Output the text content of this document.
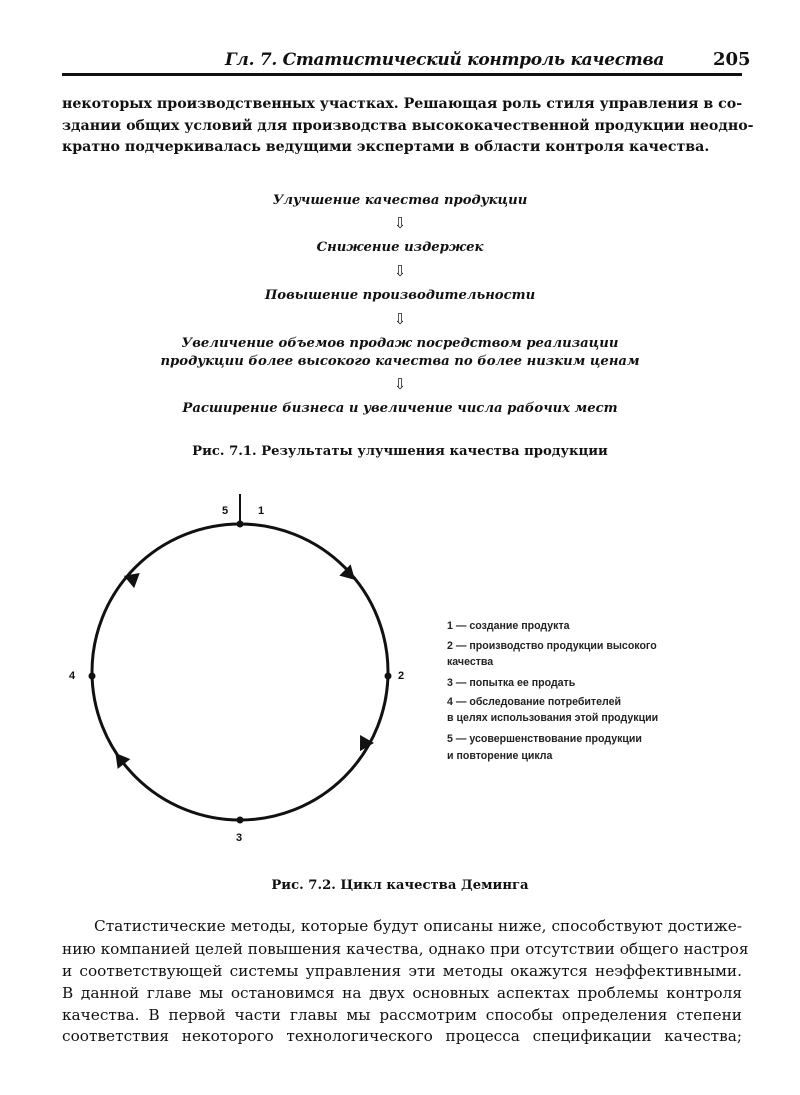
Гл. 7. Статистический контроль качества	205
некоторых производственных участках. Решающая роль стиля управления в со-
здании общих условий для производства высококачественной продукции неодно-
кратно подчеркивалась ведущими экспертами в области контроля качества.
Улучшение качества продукции
⇩
Снижение издержек
⇩
Повышение производительности
⇩
Увеличение объемов продаж посредством реализации
продукции более высокого качества по более низким ценам
⇩
Расширение бизнеса и увеличение числа рабочих мест
Рис. 7.1. Результаты улучшения качества продукции
5	1
2
3
4
1 — создание продукта
2 — производство продукции высокого
качества
3 — попытка ее продать
4 — обследование потребителей
в целях использования этой продукции
5 — усовершенствование продукции
и повторение цикла
Рис. 7.2. Цикл качества Деминга
Статистические методы, которые будут описаны ниже, способствуют достиже-
нию компанией целей повышения качества, однако при отсутствии общего настроя
и соответствующей системы управления эти методы окажутся неэффективными.
В данной главе мы остановимся на двух основных аспектах проблемы контроля
качества. В первой части главы мы рассмотрим способы определения степени
соответствия некоторого технологического процесса спецификации качества;
